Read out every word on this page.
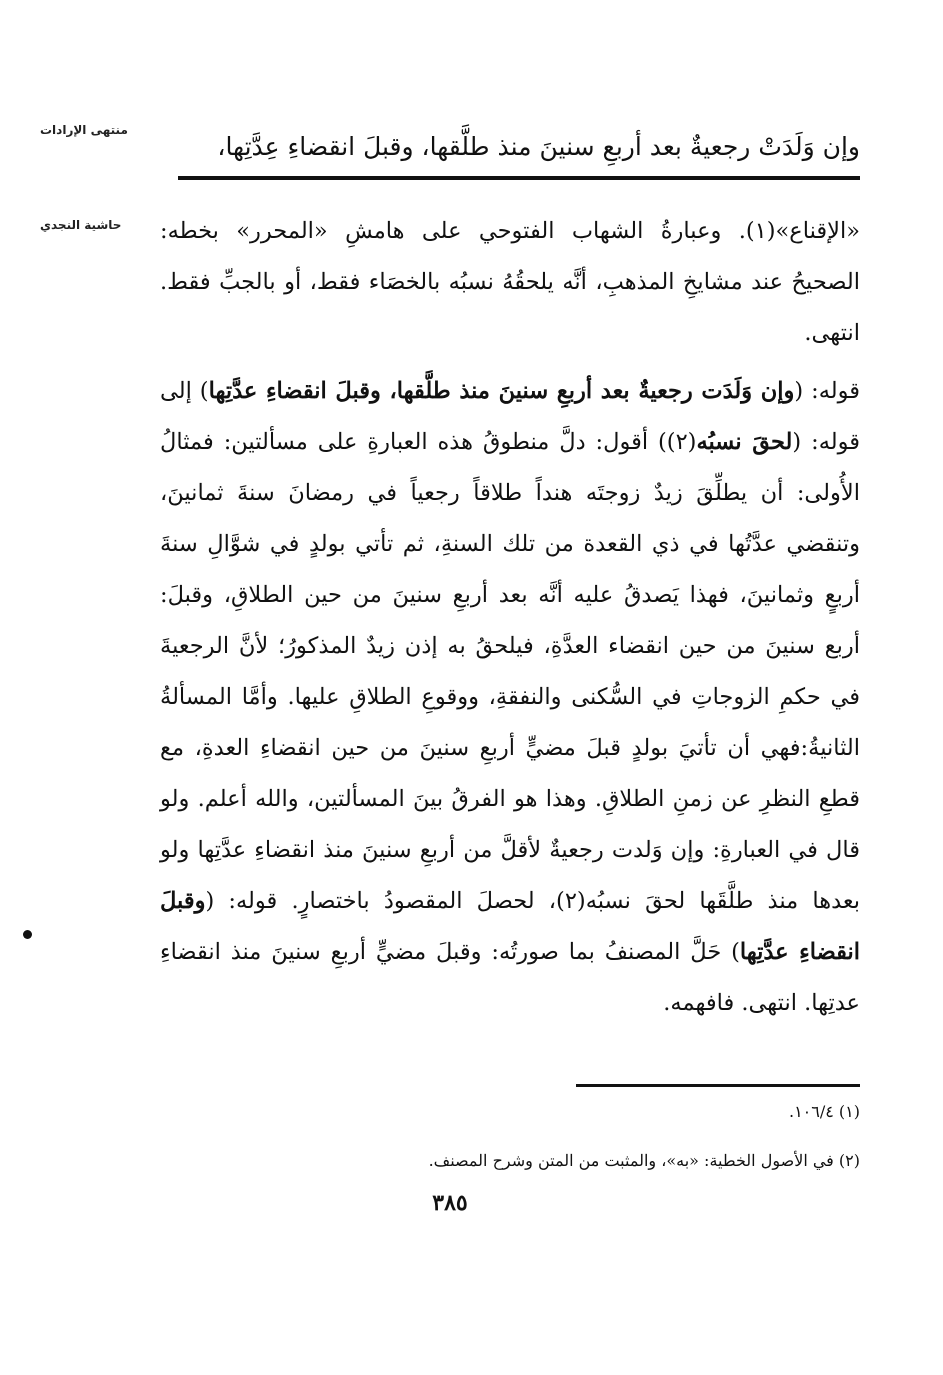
منتهى الإرادات
وإن وَلَدَتْ رجعيةٌ بعد أربعِ سنينَ منذ طلَّقها، وقبلَ انقضاءِ عِدَّتِها،
حاشية النجدي «الإقناع»(١). وعبارةُ الشهاب الفتوحي على هامشِ «المحرر» بخطه: الصحيحُ عند مشايخِ المذهبِ، أنَّه يلحقُهُ نسبُه بالخصَاء فقط، أو بالجبِّ فقط. انتهى.

قوله: (وإن وَلَدَت رجعيةٌ بعد أربعِ سنينَ منذ طلَّقها، وقبلَ انقضاءِ عدَّتِها) إلى قوله: (لحقَ نسبُه(٢)) أقول: دلَّ منطوقُ هذه العبارةِ على مسألتين: فمثالُ الأُولى: أن يطلِّقَ زيدٌ زوجتَه هنداً طلاقاً رجعياً في رمضانَ سنةَ ثمانينَ، وتنقضي عدَّتُها في ذي القعدة من تلك السنةِ، ثم تأتي بولدٍ في شوَّالِ سنةَ أربعٍ وثمانينَ، فهذا يَصدقُ عليه أنَّه بعد أربعِ سنينَ من حين الطلاقِ، وقبلَ: أربع سنينَ من حين انقضاء العدَّةِ، فيلحقُ به إذن زيدٌ المذكورُ؛ لأنَّ الرجعيةَ في حكمِ الزوجاتِ في السُّكنى والنفقةِ، ووقوعِ الطلاقِ عليها. وأمَّا المسألةُ الثانيةُ:فهي أن تأتيَ بولدٍ قبلَ مضيٍّ أربعِ سنينَ من حين انقضاءِ العدةِ، مع قطعِ النظرِ عن زمنِ الطلاقِ. وهذا هو الفرقُ بينَ المسألتين، والله أعلم. ولو قال في العبارةِ: وإن وَلدت رجعيةٌ لأقلَّ من أربعِ سنينَ منذ انقضاءِ عدَّتِها ولو بعدها منذ طلَّقَها لحقَ نسبُه(٢)، لحصلَ المقصودُ باختصارٍ. قوله: (وقبلَ انقضاءِ عدَّتِها) حَلَّ المصنفُ بما صورتُه: وقبلَ مضيٍّ أربعِ سنينَ منذ انقضاءِ عدتِها. انتهى. فافهمه.

(١) ١٠٦/٤.
(٢) في الأصول الخطية: «به»، والمثبت من المتن وشرح المصنف.
٣٨٥
